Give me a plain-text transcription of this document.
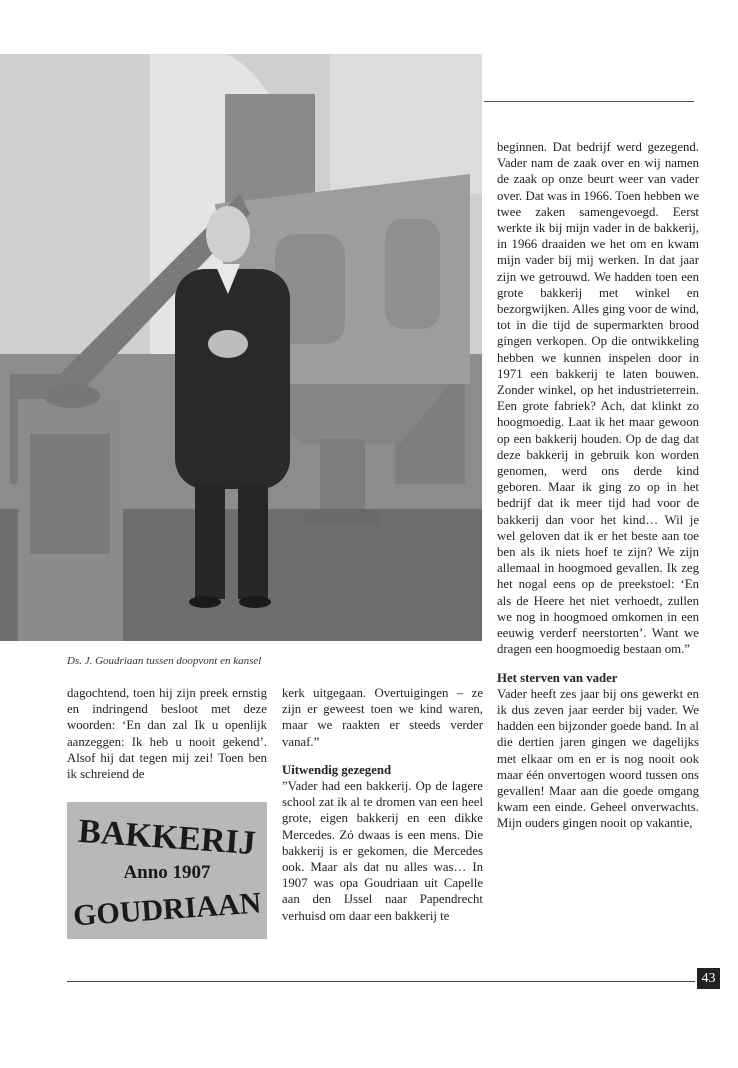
Ds. J. Goudriaan tussen doopvont en kansel

dagochtend, toen hij zijn preek ernstig en indringend besloot met deze woorden: ‘En dan zal Ik u openlijk aanzeggen: Ik heb u nooit gekend’. Alsof hij dat tegen mij zei! Toen ben ik schreiend de

BAKKERIJ
Anno 1907
GOUDRIAAN

kerk uitgegaan. Overtuigingen – ze zijn er geweest toen we kind waren, maar we raakten er steeds verder vanaf.”

Uitwendig gezegend

”Vader had een bakkerij. Op de lagere school zat ik al te dromen van een heel grote, eigen bakkerij en een dikke Mercedes. Zó dwaas is een mens. Die bakkerij is er gekomen, die Mercedes ook. Maar als dat nu alles was… In 1907 was opa Goudriaan uit Capelle aan den IJssel naar Papendrecht verhuisd om daar een bakkerij te

beginnen. Dat bedrijf werd gezegend. Vader nam de zaak over en wij namen de zaak op onze beurt weer van vader over. Dat was in 1966. Toen hebben we twee zaken samengevoegd. Eerst werkte ik bij mijn vader in de bakkerij, in 1966 draaiden we het om en kwam mijn vader bij mij werken. In dat jaar zijn we getrouwd. We hadden toen een grote bakkerij met winkel en bezorgwijken. Alles ging voor de wind, tot in die tijd de supermarkten brood gingen verkopen. Op die ontwikkeling hebben we kunnen inspelen door in 1971 een bakkerij te laten bouwen. Zonder winkel, op het industrieterrein. Een grote fabriek? Ach, dat klinkt zo hoogmoedig. Laat ik het maar gewoon op een bakkerij houden. Op de dag dat deze bakkerij in gebruik kon worden genomen, werd ons derde kind geboren. Maar ik ging zo op in het bedrijf dat ik meer tijd had voor de bakkerij dan voor het kind… Wil je wel geloven dat ik er het beste aan toe ben als ik niets hoef te zijn? We zijn allemaal in hoogmoed gevallen. Ik zeg het nogal eens op de preekstoel: ‘En als de Heere het niet verhoedt, zullen we nog in hoogmoed omkomen in een eeuwig verderf neerstorten’. Want we dragen een hoogmoedig bestaan om.”

Het sterven van vader

Vader heeft zes jaar bij ons gewerkt en ik dus zeven jaar eerder bij vader. We hadden een bijzonder goede band. In al die dertien jaren gingen we dagelijks met elkaar om en er is nog nooit ook maar één onvertogen woord tussen ons gevallen! Maar aan die goede omgang kwam een einde. Geheel onverwachts. Mijn ouders gingen nooit op vakantie,

43
